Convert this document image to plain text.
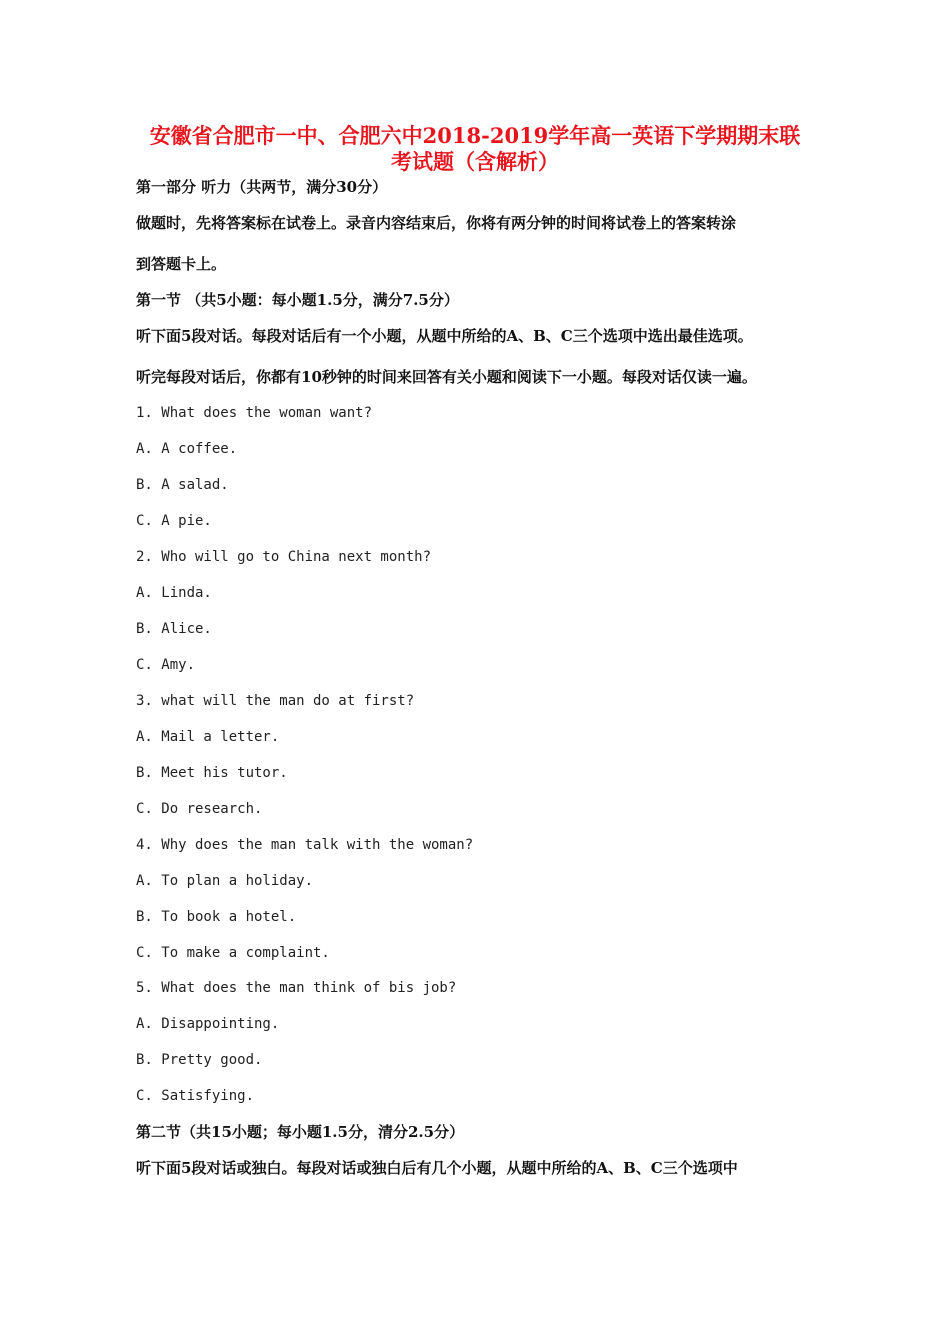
安徽省合肥市一中、合肥六中2018-2019学年高一英语下学期期末联
考试题（含解析）

第一部分 听力（共两节，满分30分）

做题时，先将答案标在试卷上。录音内容结束后，你将有两分钟的时间将试卷上的答案转涂

到答题卡上。

第一节 （共5小题：每小题1.5分，满分7.5分）

听下面5段对话。每段对话后有一个小题，从题中所给的A、B、C三个选项中选出最佳选项。

听完每段对话后，你都有10秒钟的时间来回答有关小题和阅读下一小题。每段对话仅读一遍。

1. What does the woman want?

A. A coffee.

B. A salad.

C. A pie.

2. Who will go to China next month?

A. Linda.

B. Alice.

C. Amy.

3. what will the man do at first?

A. Mail a letter.

B. Meet his tutor.

C. Do research.

4. Why does the man talk with the woman?

A. To plan a holiday.

B. To book a hotel.

C. To make a complaint.

5. What does the man think of bis job?

A. Disappointing.

B. Pretty good.

C. Satisfying.

第二节（共15小题；每小题1.5分，清分2.5分）

听下面5段对话或独白。每段对话或独白后有几个小题，从题中所给的A、B、C三个选项中
